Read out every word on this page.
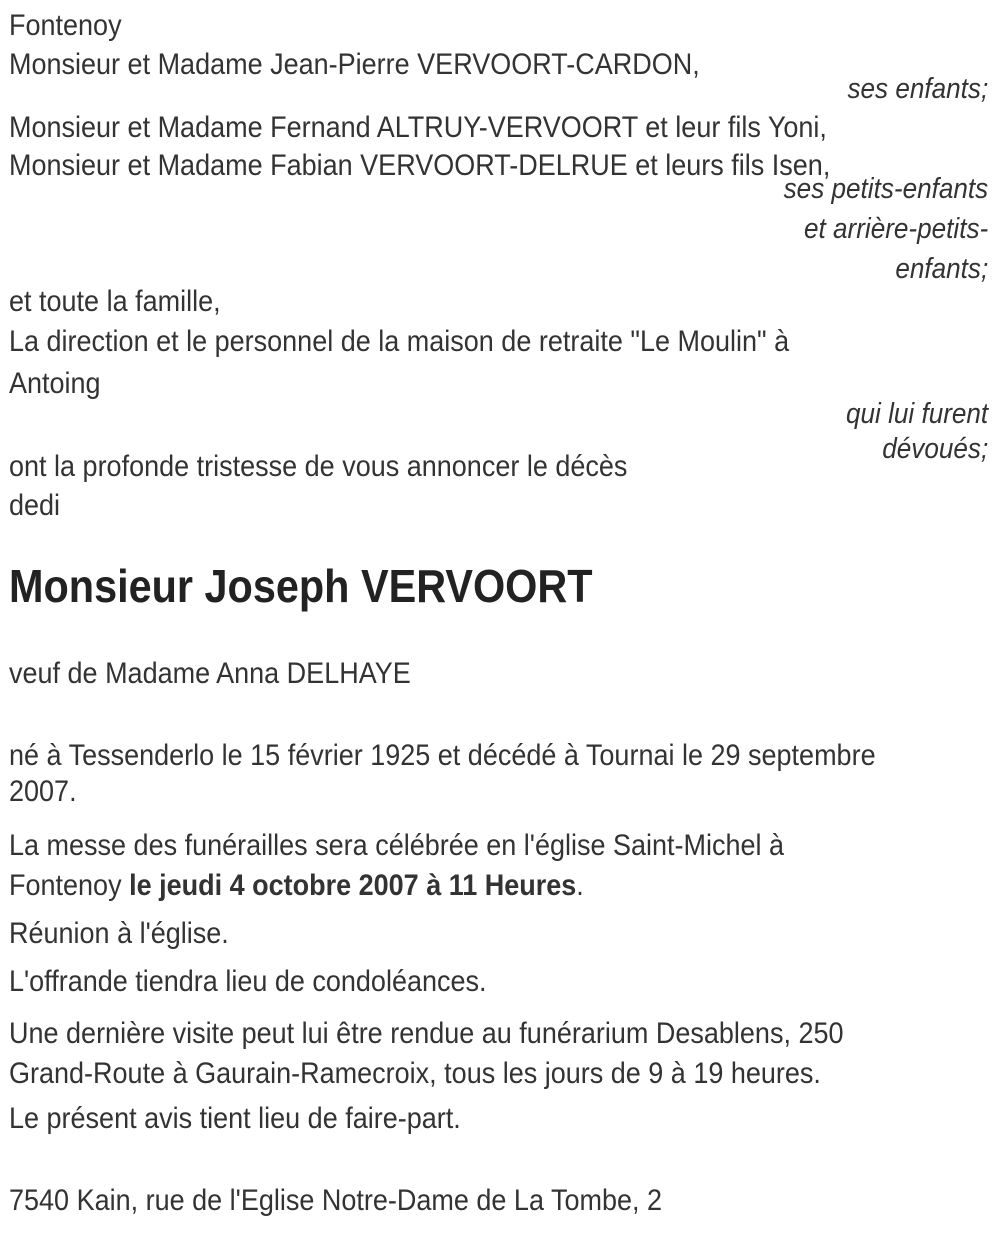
Fontenoy

Monsieur et Madame Jean-Pierre VERVOORT-CARDON,

ses enfants;

Monsieur et Madame Fernand ALTRUY-VERVOORT et leur fils Yoni,

Monsieur et Madame Fabian VERVOORT-DELRUE et leurs fils Isen,

ses petits-enfants

et arrière-petits-

enfants;

et toute la famille,

La direction et le personnel de la maison de retraite "Le Moulin" à

Antoing

qui lui furent

dévoués;

ont la profonde tristesse de vous annoncer le décès

dedi

Monsieur Joseph VERVOORT

veuf de Madame Anna DELHAYE

né à Tessenderlo le 15 février 1925 et décédé à Tournai le 29 septembre

2007.

La messe des funérailles sera célébrée en l'église Saint-Michel à

Fontenoy le jeudi 4 octobre 2007 à 11 Heures.

Réunion à l'église.

L'offrande tiendra lieu de condoléances.

Une dernière visite peut lui être rendue au funérarium Desablens, 250

Grand-Route à Gaurain-Ramecroix, tous les jours de 9 à 19 heures.

Le présent avis tient lieu de faire-part.

7540 Kain, rue de l'Eglise Notre-Dame de La Tombe, 2
